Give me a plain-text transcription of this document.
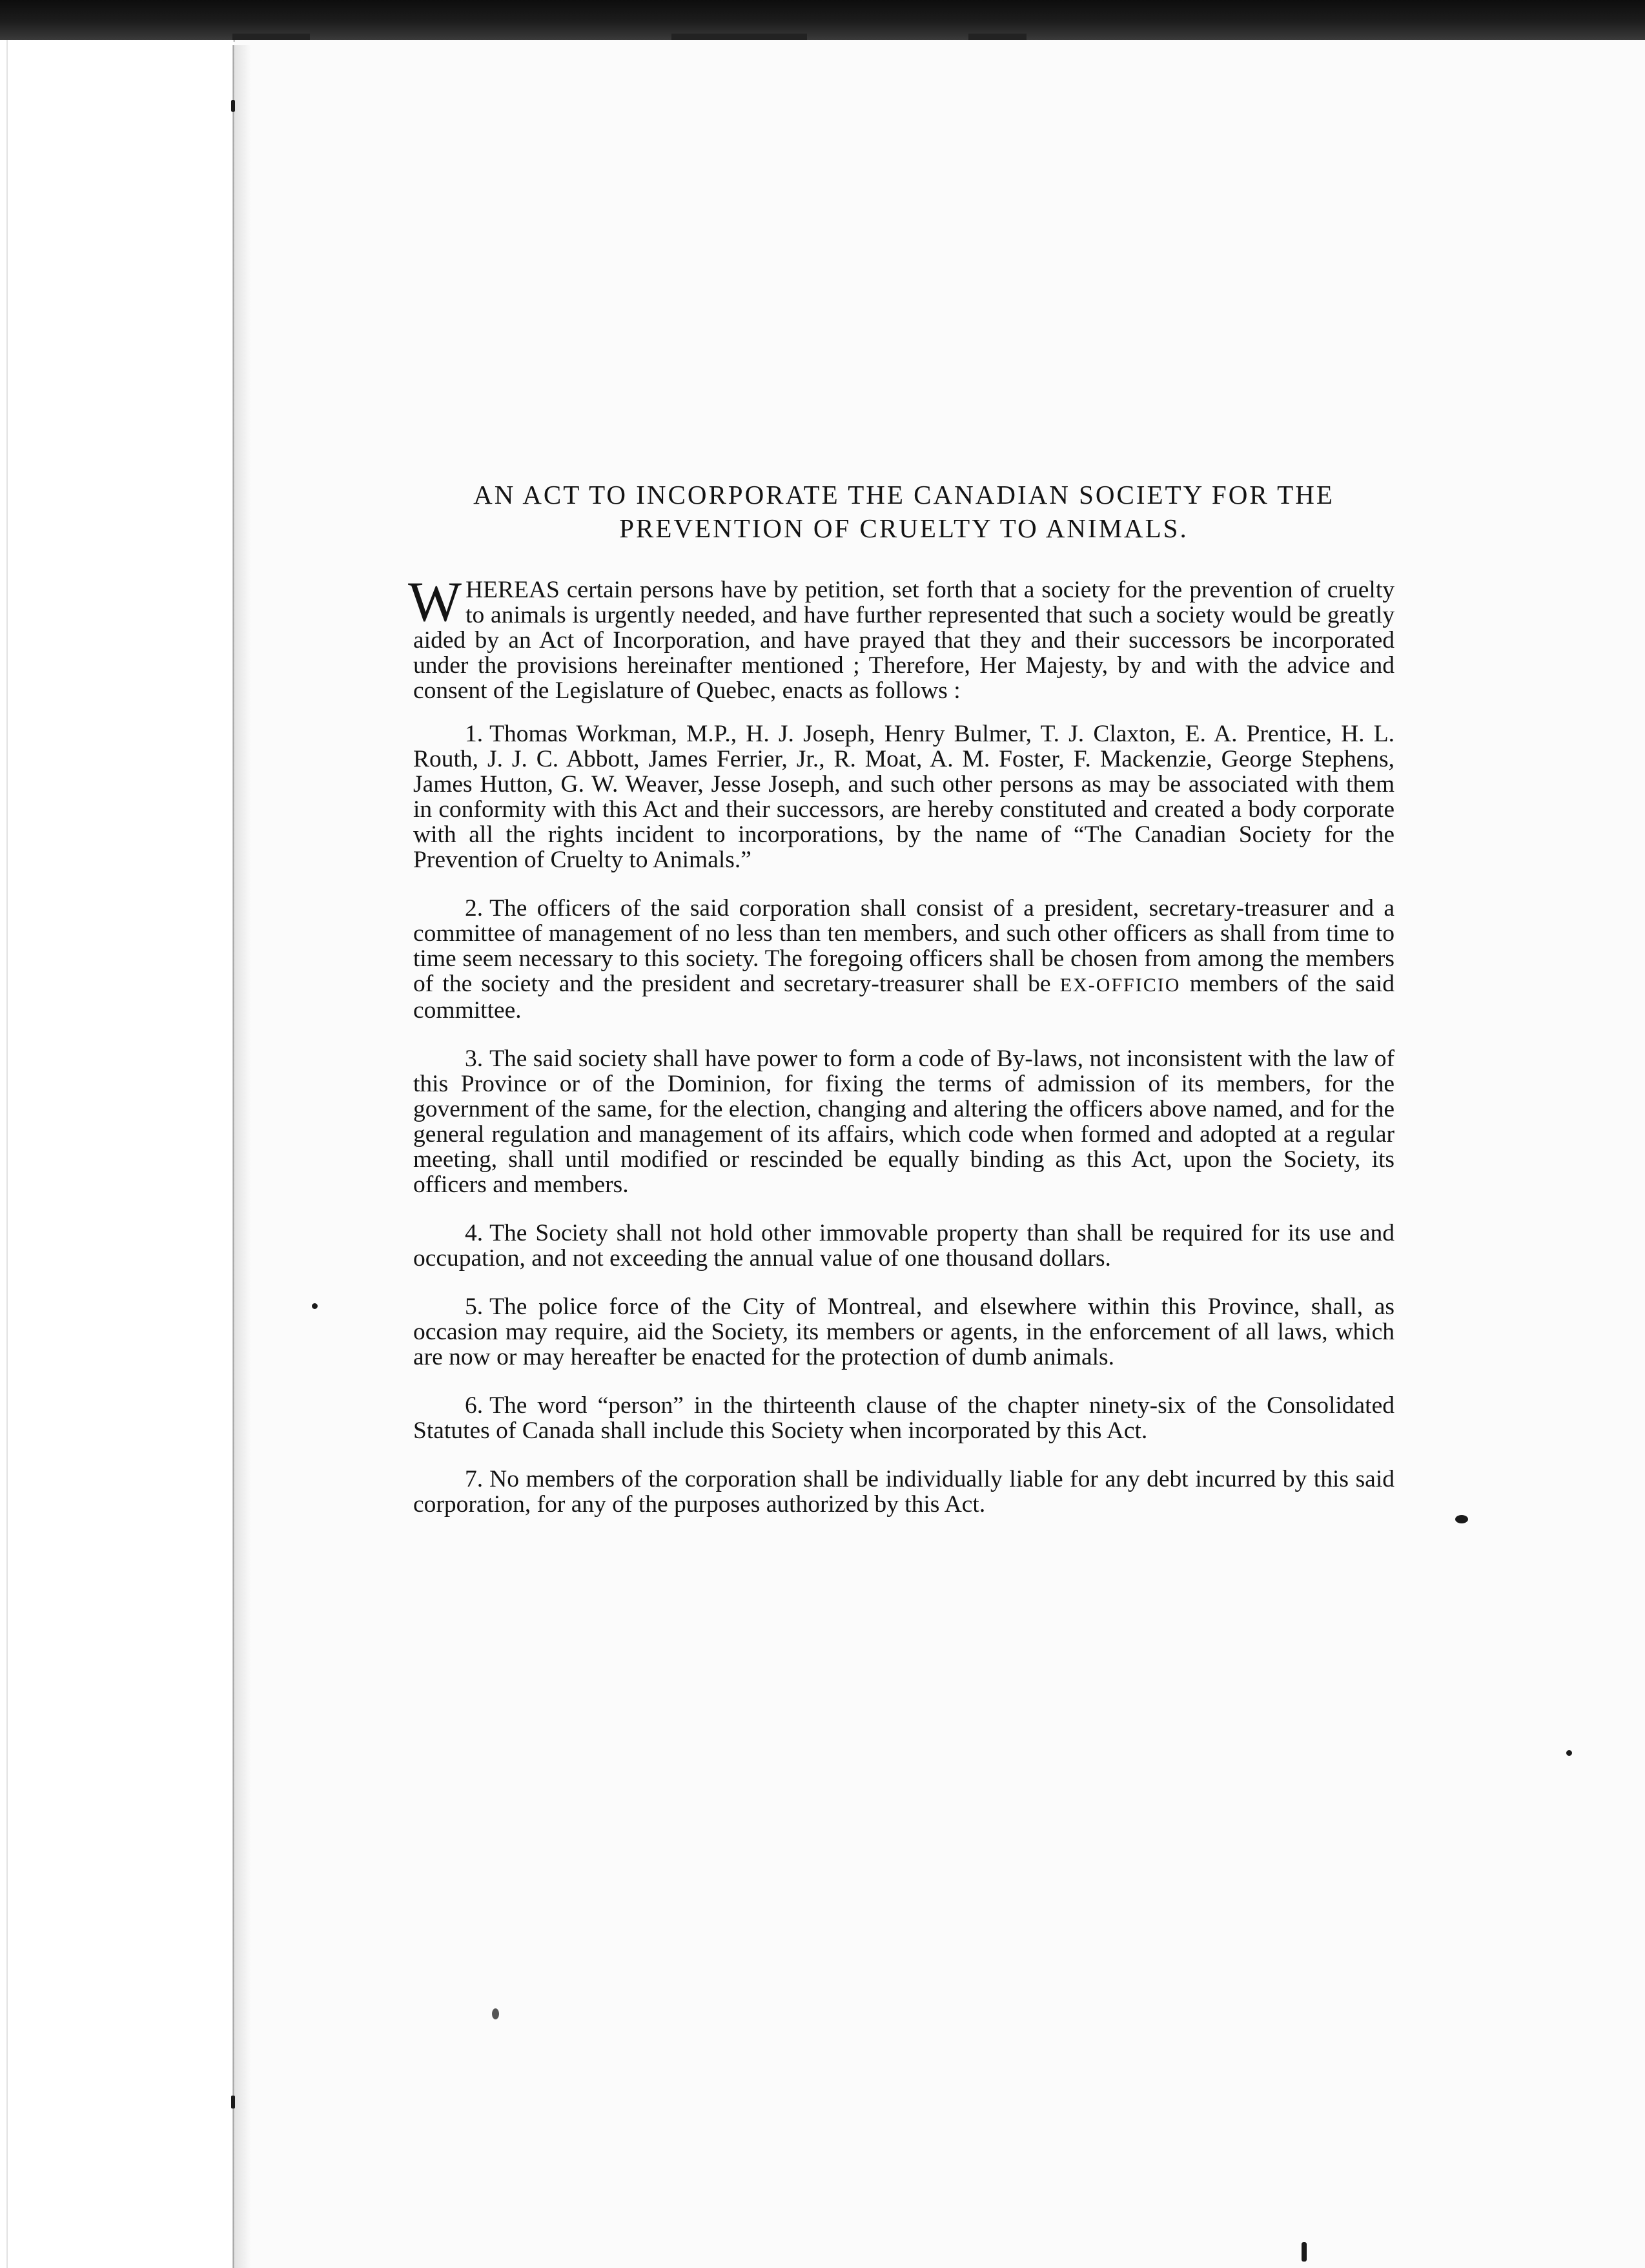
AN ACT TO INCORPORATE THE CANADIAN SOCIETY FOR THE
PREVENTION OF CRUELTY TO ANIMALS.

WHEREAS certain persons have by petition, set forth that a society for the prevention of cruelty to animals is urgently needed, and have further represented that such a society would be greatly aided by an Act of Incorporation, and have prayed that they and their successors be incorporated under the provisions hereinafter mentioned ; Therefore, Her Majesty, by and with the advice and consent of the Legislature of Quebec, enacts as follows :

1. Thomas Workman, M.P., H. J. Joseph, Henry Bulmer, T. J. Claxton, E. A. Prentice, H. L. Routh, J. J. C. Abbott, James Ferrier, Jr., R. Moat, A. M. Foster, F. Mackenzie, George Stephens, James Hutton, G. W. Weaver, Jesse Joseph, and such other persons as may be associated with them in conformity with this Act and their successors, are hereby constituted and created a body corporate with all the rights incident to incorporations, by the name of “The Canadian Society for the Prevention of Cruelty to Animals.”

2. The officers of the said corporation shall consist of a president, secretary-treasurer and a committee of management of no less than ten members, and such other officers as shall from time to time seem necessary to this society. The foregoing officers shall be chosen from among the members of the society and the president and secretary-treasurer shall be EX-OFFICIO members of the said committee.

3. The said society shall have power to form a code of By-laws, not inconsistent with the law of this Province or of the Dominion, for fixing the terms of admission of its members, for the government of the same, for the election, changing and altering the officers above named, and for the general regulation and management of its affairs, which code when formed and adopted at a regular meeting, shall until modified or rescinded be equally binding as this Act, upon the Society, its officers and members.

4. The Society shall not hold other immovable property than shall be required for its use and occupation, and not exceeding the annual value of one thousand dollars.

5. The police force of the City of Montreal, and elsewhere within this Province, shall, as occasion may require, aid the Society, its members or agents, in the enforcement of all laws, which are now or may hereafter be enacted for the protection of dumb animals.

6. The word “person” in the thirteenth clause of the chapter ninety-six of the Consolidated Statutes of Canada shall include this Society when incorporated by this Act.

7. No members of the corporation shall be individually liable for any debt incurred by this said corporation, for any of the purposes authorized by this Act.
